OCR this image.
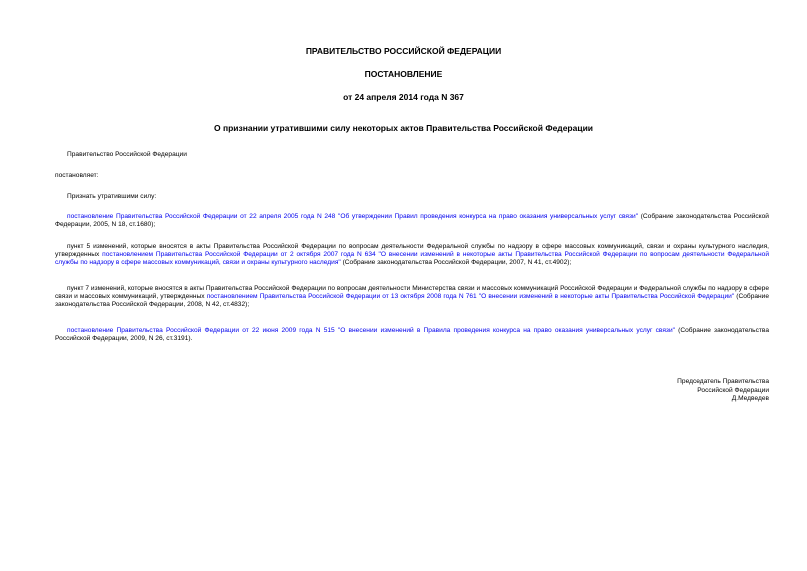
ПРАВИТЕЛЬСТВО РОССИЙСКОЙ ФЕДЕРАЦИИ
ПОСТАНОВЛЕНИЕ
от 24 апреля 2014 года N 367
О признании утратившими силу некоторых актов Правительства Российской Федерации
Правительство Российской Федерации
постановляет:
Признать утратившими силу:
постановление Правительства Российской Федерации от 22 апреля 2005 года N 248 "Об утверждении Правил проведения конкурса на право оказания универсальных услуг связи" (Собрание законодательства Российской Федерации, 2005, N 18, ст.1680);
пункт 5 изменений, которые вносятся в акты Правительства Российской Федерации по вопросам деятельности Федеральной службы по надзору в сфере массовых коммуникаций, связи и охраны культурного наследия, утвержденных постановлением Правительства Российской Федерации от 2 октября 2007 года N 634 "О внесении изменений в некоторые акты Правительства Российской Федерации по вопросам деятельности Федеральной службы по надзору в сфере массовых коммуникаций, связи и охраны культурного наследия" (Собрание законодательства Российской Федерации, 2007, N 41, ст.4902);
пункт 7 изменений, которые вносятся в акты Правительства Российской Федерации по вопросам деятельности Министерства связи и массовых коммуникаций Российской Федерации и Федеральной службы по надзору в сфере связи и массовых коммуникаций, утвержденных постановлением Правительства Российской Федерации от 13 октября 2008 года N 761 "О внесении изменений в некоторые акты Правительства Российской Федерации" (Собрание законодательства Российской Федерации, 2008, N 42, ст.4832);
постановление Правительства Российской Федерации от 22 июня 2009 года N 515 "О внесении изменений в Правила проведения конкурса на право оказания универсальных услуг связи" (Собрание законодательства Российской Федерации, 2009, N 26, ст.3191).
Председатель Правительства
Российской Федерации
Д.Медведев
